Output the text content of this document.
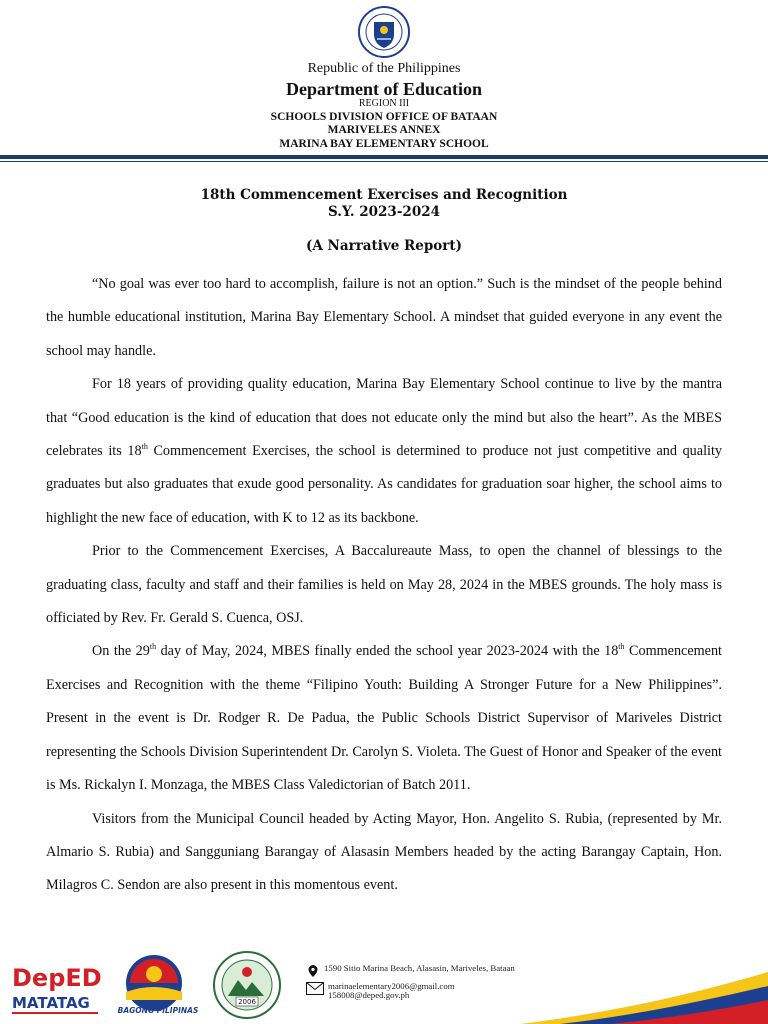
Republic of the Philippines
Department of Education
REGION III
SCHOOLS DIVISION OFFICE OF BATAAN
MARIVELES ANNEX
MARINA BAY ELEMENTARY SCHOOL
18th Commencement Exercises and Recognition
S.Y. 2023-2024
(A Narrative Report)

“No goal was ever too hard to accomplish, failure is not an option.” Such is the mindset of the people behind the humble educational institution, Marina Bay Elementary School. A mindset that guided everyone in any event the school may handle.

For 18 years of providing quality education, Marina Bay Elementary School continue to live by the mantra that “Good education is the kind of education that does not educate only the mind but also the heart”. As the MBES celebrates its 18th Commencement Exercises, the school is determined to produce not just competitive and quality graduates but also graduates that exude good personality. As candidates for graduation soar higher, the school aims to highlight the new face of education, with K to 12 as its backbone.

Prior to the Commencement Exercises, A Baccalureaute Mass, to open the channel of blessings to the graduating class, faculty and staff and their families is held on May 28, 2024 in the MBES grounds. The holy mass is officiated by Rev. Fr. Gerald S. Cuenca, OSJ.

On the 29th day of May, 2024, MBES finally ended the school year 2023-2024 with the 18th Commencement Exercises and Recognition with the theme “Filipino Youth: Building A Stronger Future for a New Philippines”. Present in the event is Dr. Rodger R. De Padua, the Public Schools District Supervisor of Mariveles District representing the Schools Division Superintendent Dr. Carolyn S. Violeta. The Guest of Honor and Speaker of the event is Ms. Rickalyn I. Monzaga, the MBES Class Valedictorian of Batch 2011.

Visitors from the Municipal Council headed by Acting Mayor, Hon. Angelito S. Rubia, (represented by Mr. Almario S. Rubia) and Sangguniang Barangay of Alasasin Members headed by the acting Barangay Captain, Hon. Milagros C. Sendon are also present in this momentous event.

DepED
MATATAG	BAGONG PILIPINAS
2006
1590 Sitio Marina Beach, Alasasin, Mariveles, Bataan
marinaelementary2006@gmail.com
158008@deped.gov.ph
